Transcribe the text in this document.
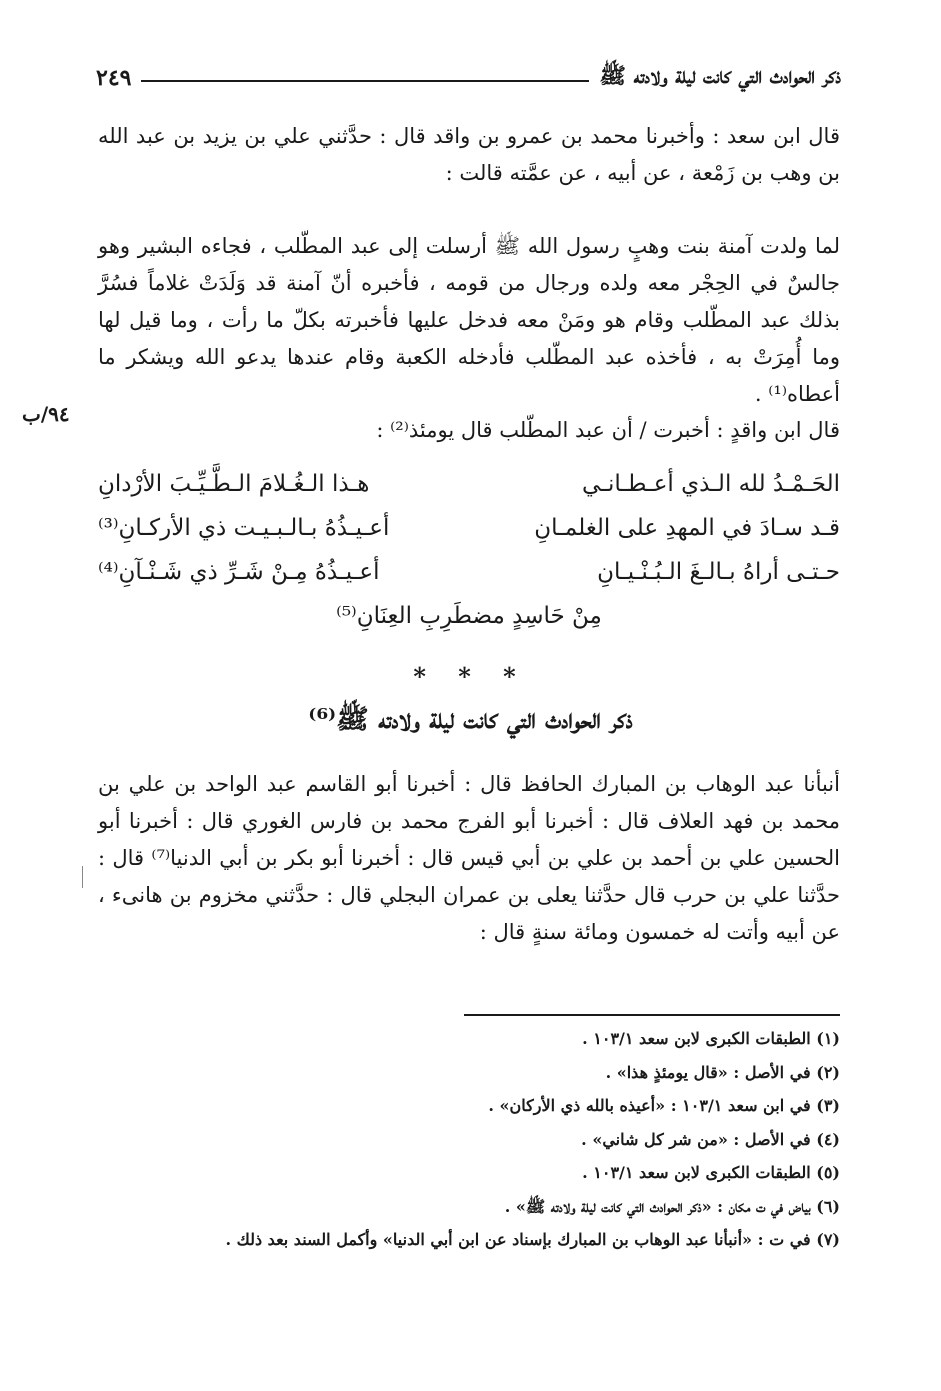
ذكر الحوادث التي كانت ليلة ولادته ﷺ
٢٤٩
قال ابن سعد : وأخبرنا محمد بن عمرو بن واقد قال : حدَّثني علي بن يزيد بن عبد الله بن وهب بن زَمْعة ، عن أبيه ، عن عمَّته قالت :
لما ولدت آمنة بنت وهبٍ رسول الله ﷺ أرسلت إلى عبد المطّلب ، فجاءه البشير وهو جالسٌ في الحِجْر معه ولده ورجال من قومه ، فأخبره أنّ آمنة قد وَلَدَتْ غلاماً فسُرَّ بذلك عبد المطّلب وقام هو ومَنْ معه فدخل عليها فأخبرته بكلّ ما رأت ، وما قيل لها وما أُمِرَتْ به ، فأخذه عبد المطّلب فأدخله الكعبة وقام عندها يدعو الله ويشكر ما أعطاه⁽¹⁾ .
قال ابن واقدٍ : أخبرت / أن عبد المطّلب قال يومئذ⁽²⁾ :
٩٤/ب
الحَـمْـدُ لله الـذي أعـطـانـي
هـذا الـغُـلامَ الـطَّـيِّـبَ الأرْدانِ
قـد سـادَ في المهدِ على الغلمـانِ
أعـيـذُهُ بـالـبـيـت ذي الأركـانِ⁽³⁾
حـتـى أراهُ بـالـغَ الـبُـنْـيـانِ
أعـيـذُهُ مِـنْ شَـرِّ ذي شَـنْـآنِ⁽⁴⁾
مِنْ حَاسِدٍ مضطَرِبِ العِنَانِ⁽⁵⁾
* * *
ذكر الحوادث التي كانت ليلة ولادته ﷺ⁽⁶⁾
أنبأنا عبد الوهاب بن المبارك الحافظ قال : أخبرنا أبو القاسم عبد الواحد بن علي بن محمد بن فهد العلاف قال : أخبرنا أبو الفرج محمد بن فارس الغوري قال : أخبرنا أبو الحسين علي بن أحمد بن علي بن أبي قيس قال : أخبرنا أبو بكر بن أبي الدنيا⁽⁷⁾ قال : حدَّثنا علي بن حرب قال حدَّثنا يعلى بن عمران البجلي قال : حدَّثني مخزوم بن هانىء ، عن أبيه وأتت له خمسون ومائة سنةٍ قال :
(١) الطبقات الكبرى لابن سعد ١٠٣/١ .
(٢) في الأصل : «قال يومئذٍ هذا» .
(٣) في ابن سعد ١٠٣/١ : «أعيذه بالله ذي الأركان» .
(٤) في الأصل : «من شر كل شاني» .
(٥) الطبقات الكبرى لابن سعد ١٠٣/١ .
(٦) بياض في ت مكان : «ذكر الحوادث التي كانت ليلة ولادته ﷺ» .
(٧) في ت : «أنبأنا عبد الوهاب بن المبارك بإسناد عن ابن أبي الدنيا» وأكمل السند بعد ذلك .
